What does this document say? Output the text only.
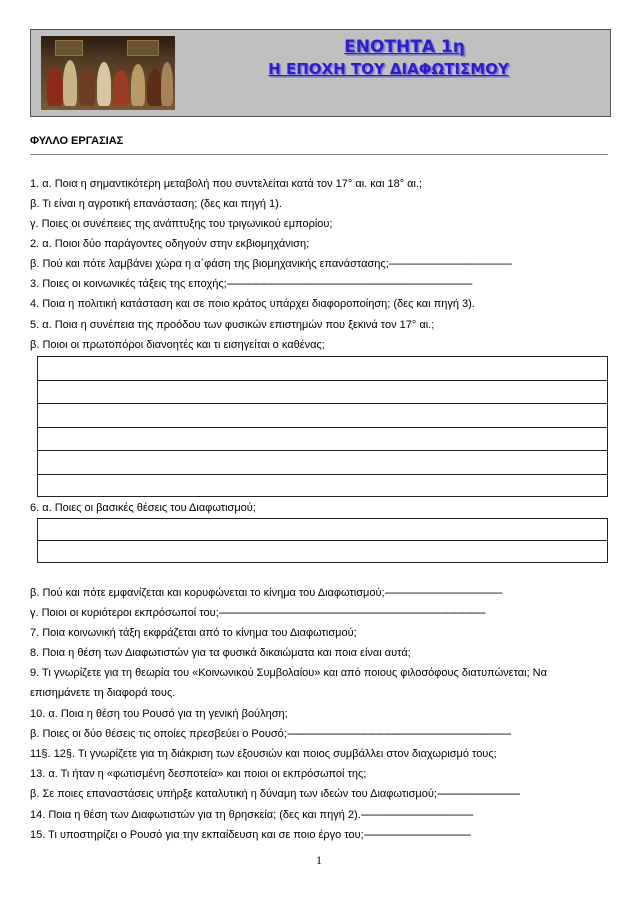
ΕΝΟΤΗΤΑ 1η
Η ΕΠΟΧΗ ΤΟΥ ΔΙΑΦΩΤΙΣΜΟΥ
ΦΥΛΛΟ ΕΡΓΑΣΙΑΣ
1. α. Ποια η σημαντικότερη μεταβολή που συντελείται κατά τον 17° αι. και 18° αι.;
β. Τι είναι η αγροτική επανάσταση; (δες και πηγή 1).
γ. Ποιες οι συνέπειες της ανάπτυξης του τριγωνικού εμπορίου;
2. α. Ποιοι δύο παράγοντες οδηγούν στην εκβιομηχάνιση;
β. Πού και πότε λαμβάνει χώρα η α΄φάση της βιομηχανικής επανάστασης;----------------------------------------------
3. Ποιες οι κοινωνικές τάξεις της εποχής;--------------------------------------------------------------------------------------------
4. Ποια η πολιτική κατάσταση και σε ποιο κράτος υπάρχει διαφοροποίηση; (δες και πηγή 3).
5. α. Ποια η συνέπεια της προόδου των φυσικών επιστημών που ξεκινά τον 17° αι.;
β. Ποιοι οι πρωτοπόροι διανοητές και τι εισηγείται ο καθένας;
6. α. Ποιες οι βασικές θέσεις του Διαφωτισμού;
β. Πού και πότε εμφανίζεται και κορυφώνεται το κίνημα του Διαφωτισμού;--------------------------------------------
γ. Ποιοι οι κυριότεροι εκπρόσωποί του;----------------------------------------------------------------------------------------------------
7. Ποια κοινωνική τάξη εκφράζεται από το κίνημα του Διαφωτισμού;
8. Ποια η θέση των Διαφωτιστών για τα φυσικά δικαιώματα και ποια είναι αυτά;
9. Τι γνωρίζετε για τη θεωρία του «Κοινωνικού Συμβολαίου» και από ποιους φιλοσόφους διατυπώνεται; Να επισημάνετε τη διαφορά τους.
10. α. Ποια η θέση του Ρουσό για τη γενική βούληση;
β. Ποιες οι δύο θέσεις τις οποίες πρεσβεύει ο Ρουσό;------------------------------------------------------------------------------------
11§. 12§. Τι γνωρίζετε για τη διάκριση των εξουσιών και ποιος συμβάλλει στον διαχωρισμό τους;
13. α. Τι ήταν η «φωτισμένη δεσποτεία» και ποιοι οι εκπρόσωποί της;
β. Σε ποιες επαναστάσεις υπήρξε καταλυτική η δύναμη των ιδεών του Διαφωτισμού;-------------------------------
14. Ποια η θέση των Διαφωτιστών για τη θρησκεία; (δες και πηγή 2).------------------------------------------
15. Τι υποστηρίζει ο Ρουσό για την εκπαίδευση και σε ποιο έργο του;----------------------------------------
1
